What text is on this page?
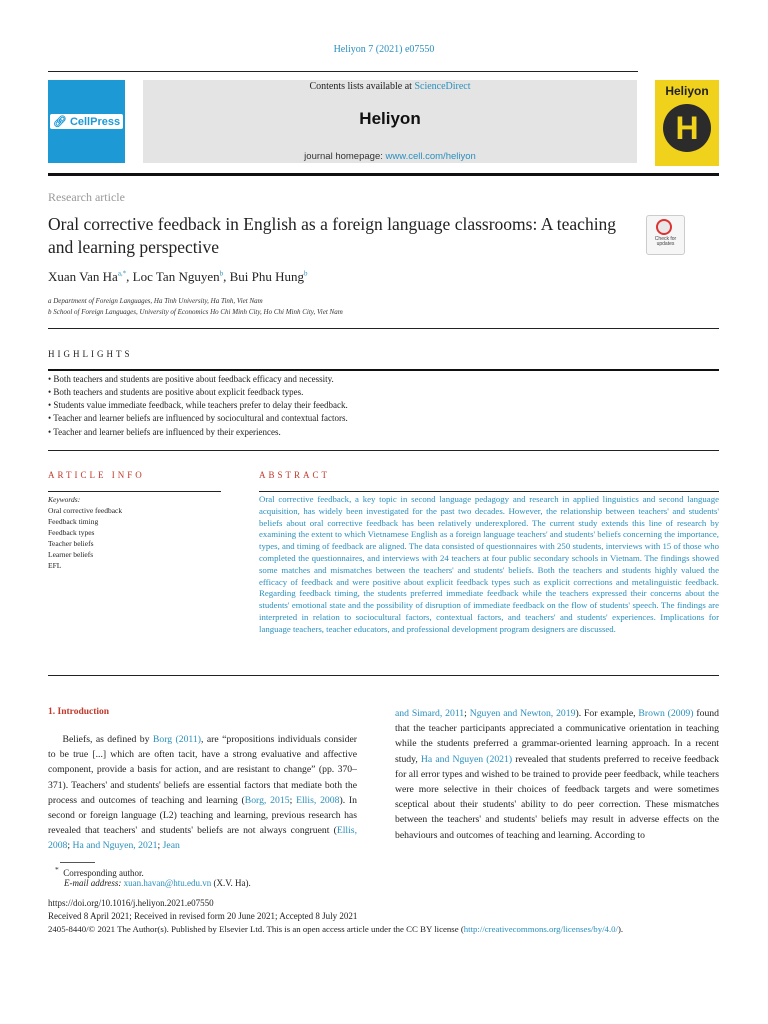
Heliyon 7 (2021) e07550
🔗︎ CellPress
Contents lists available at ScienceDirect
Heliyon
journal homepage: www.cell.com/heliyon
Heliyon
H
Research article
Oral corrective feedback in English as a foreign language classrooms: A teaching and learning perspective	Check for updates
Xuan Van $Ha^{a,*}$, Loc Tan Nguyen$^b$, Bui Phu Hung$^b$
a Department of Foreign Languages, Ha Tinh University, Ha Tinh, Viet Nam
b School of Foreign Languages, University of Economics Ho Chi Minh City, Ho Chi Minh City, Viet Nam
HIGHLIGHTS
• Both teachers and students are positive about feedback efficacy and necessity.
• Both teachers and students are positive about explicit feedback types.
• Students value immediate feedback, while teachers prefer to delay their feedback.
• Teacher and learner beliefs are influenced by sociocultural and contextual factors.
• Teacher and learner beliefs are influenced by their experiences.
ARTICLE INFO
Keywords:
Oral corrective feedback
Feedback timing
Feedback types
Teacher beliefs
Learner beliefs
EFL
ABSTRACT
Oral corrective feedback, a key topic in second language pedagogy and research in applied linguistics and second language acquisition, has widely been investigated for the past two decades. However, the relationship between teachers' and students' beliefs about oral corrective feedback has been relatively underexplored. The current study extends this line of research by examining the extent to which Vietnamese English as a foreign language teachers' and students' beliefs concerning the importance, types, and timing of feedback are aligned. The data consisted of questionnaires with 250 students, interviews with 15 of those who completed the questionnaires, and interviews with 24 teachers at four public secondary schools in Vietnam. The findings showed some matches and mismatches between the teachers' and students' beliefs. Both the teachers and students highly valued the efficacy of feedback and were positive about explicit feedback types such as explicit corrections and metalinguistic feedback. Regarding feedback timing, the students preferred immediate feedback while the teachers expressed their concerns about the students' emotional state and the possibility of disruption of immediate feedback on the flow of students' speech. The findings are interpreted in relation to sociocultural factors, contextual factors, and teachers' and students' experiences. Implications for language teachers, teacher educators, and professional development program designers are discussed.
1. Introduction
  Beliefs, as defined by Borg (2011), are “propositions individuals consider to be true [...] which are often tacit, have a strong evaluative and affective component, provide a basis for action, and are resistant to change” (pp. 370–371). Teachers' and students' beliefs are essential factors that mediate both the process and outcomes of teaching and learning (Borg, 2015; Ellis, 2008). In second or foreign language (L2) teaching and learning, previous research has revealed that teachers' and students' beliefs are not always congruent (Ellis, 2008; Ha and Nguyen, 2021; Jean
and Simard, 2011; Nguyen and Newton, 2019). For example, Brown (2009) found that the teacher participants appreciated a communicative orientation in teaching while the students preferred a grammar-oriented learning approach. In a recent study, Ha and Nguyen (2021) revealed that students preferred to receive feedback for all error types and wished to be trained to provide peer feedback, while teachers were more selective in their choices of feedback targets and were sometimes sceptical about their students' ability to do peer correction. These mismatches between the teachers' and students' beliefs may result in adverse effects on the behaviours and outcomes of teaching and learning. According to
* Corresponding author.
E-mail address: xuan.havan@htu.edu.vn (X.V. Ha).
https://doi.org/10.1016/j.heliyon.2021.e07550
Received 8 April 2021; Received in revised form 20 June 2021; Accepted 8 July 2021
2405-8440/© 2021 The Author(s). Published by Elsevier Ltd. This is an open access article under the CC BY license (http://creativecommons.org/licenses/by/4.0/).
